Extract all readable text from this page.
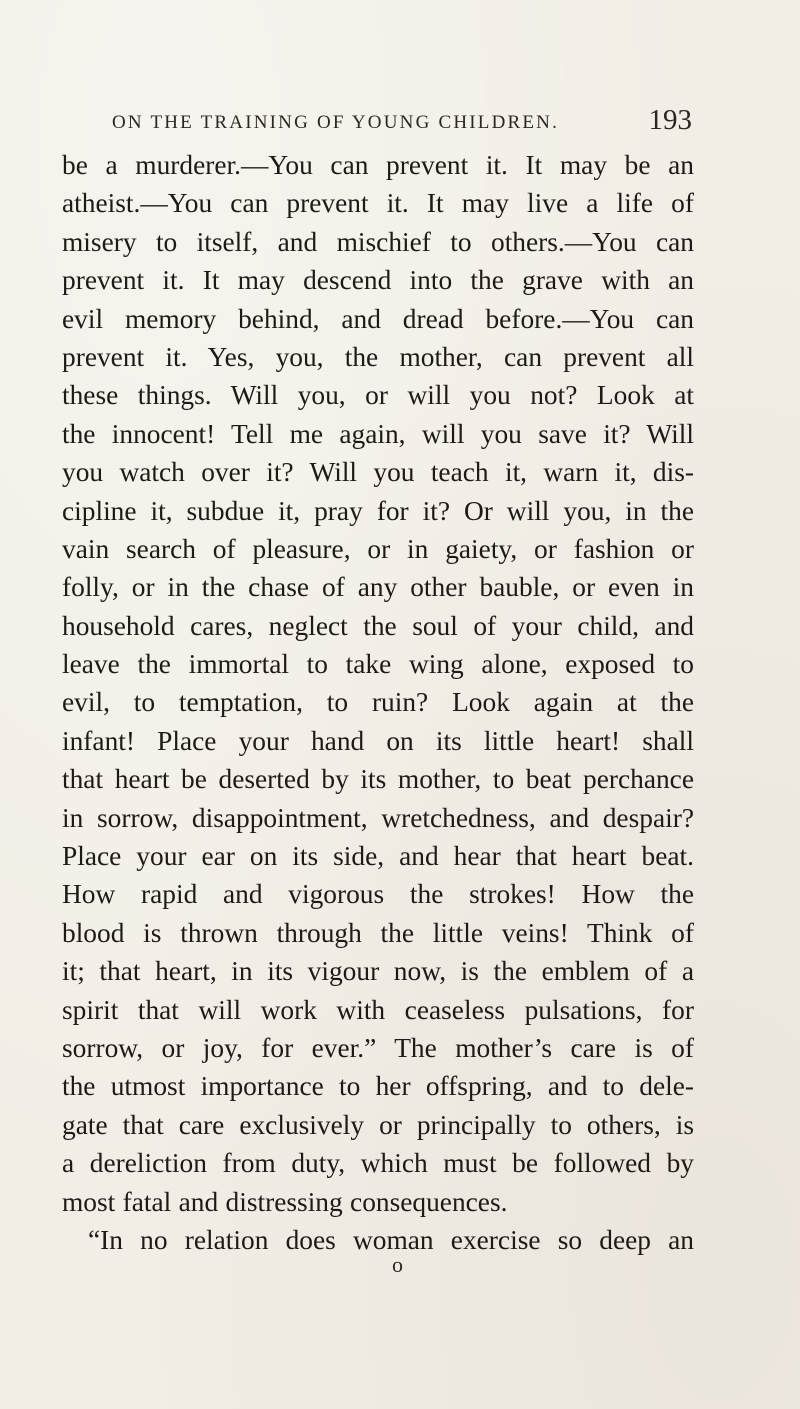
ON THE TRAINING OF YOUNG CHILDREN.	193
be a murderer.—You can prevent it. It may be an
atheist.—You can prevent it. It may live a life of
misery to itself, and mischief to others.—You can
prevent it. It may descend into the grave with an
evil memory behind, and dread before.—You can
prevent it. Yes, you, the mother, can prevent all
these things. Will you, or will you not? Look at
the innocent! Tell me again, will you save it? Will
you watch over it? Will you teach it, warn it, dis-
cipline it, subdue it, pray for it? Or will you, in the
vain search of pleasure, or in gaiety, or fashion or
folly, or in the chase of any other bauble, or even in
household cares, neglect the soul of your child, and
leave the immortal to take wing alone, exposed to
evil, to temptation, to ruin? Look again at the
infant! Place your hand on its little heart! shall
that heart be deserted by its mother, to beat perchance
in sorrow, disappointment, wretchedness, and despair?
Place your ear on its side, and hear that heart beat.
How rapid and vigorous the strokes! How the
blood is thrown through the little veins! Think of
it; that heart, in its vigour now, is the emblem of a
spirit that will work with ceaseless pulsations, for
sorrow, or joy, for ever.” The mother’s care is of
the utmost importance to her offspring, and to dele-
gate that care exclusively or principally to others, is
a dereliction from duty, which must be followed by
most fatal and distressing consequences.
“In no relation does woman exercise so deep an
o
